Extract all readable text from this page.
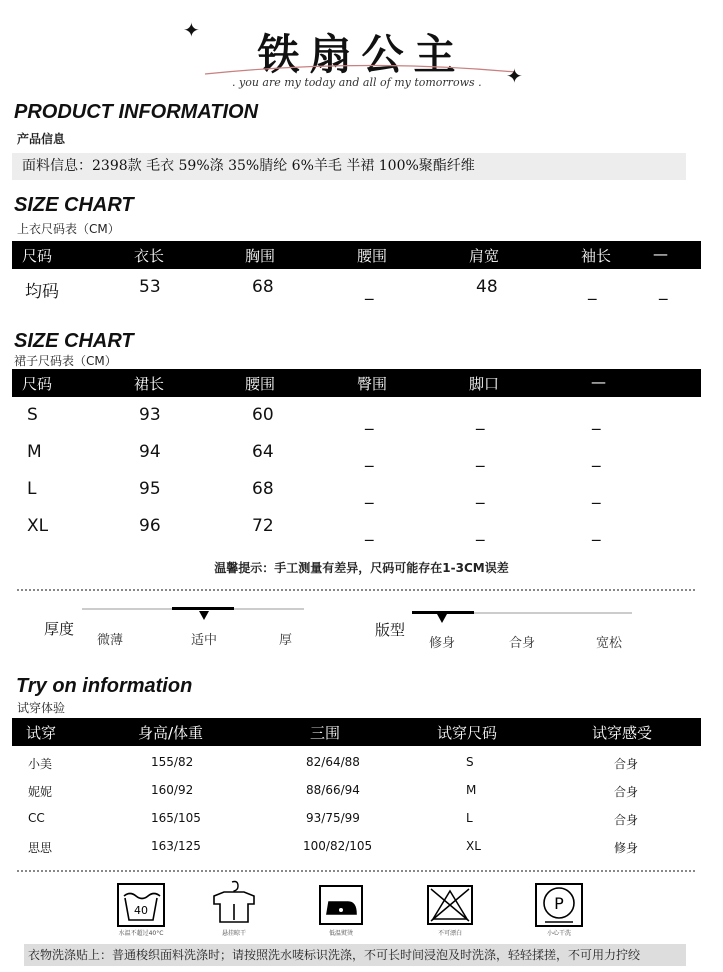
✦	铁扇公主
. you are my today and all of my tomorrows . ✦
PRODUCT INFORMATION
产品信息
面料信息：2398款 毛衣 59%涤 35%腈纶 6%羊毛 半裙 100%聚酯纤维
SIZE CHART
上衣尺码表（CM）
尺码	衣长	胸围	腰围	肩宽	袖长	—
均码	53	68	_	48	_	_
SIZE CHART
裙子尺码表（CM）
尺码	裙长	腰围	臀围	脚口	—
S	93	60	_	_	_
M	94	64	_	_	_
L	95	68	_	_	_
XL	96	72	_	_	_
温馨提示：手工测量有差异，尺码可能存在1-3CM误差
厚度
微薄	适中	厚
版型
修身	合身	宽松
Try on information
试穿体验
试穿	身高/体重	三围	试穿尺码	试穿感受
小美	155/82	82/64/88	S	合身
妮妮	160/92	88/66/94	M	合身
CC	165/105	93/75/99	L	合身
思思	163/125	100/82/105	XL	修身
40	P
水温不超过40°C	悬挂晾干	低温熨烫	不可漂白	小心干洗
衣物洗涤贴上：普通梭织面料洗涤时；请按照洗水唛标识洗涤，不可长时间浸泡及时洗涤，轻轻揉搓，不可用力拧绞
